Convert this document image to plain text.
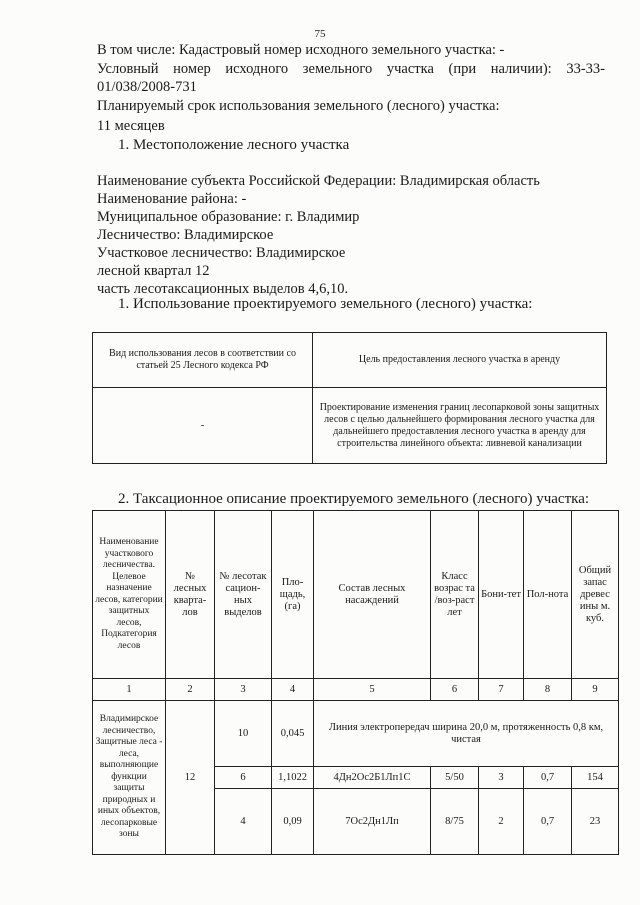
75
В том числе: Кадастровый номер исходного земельного участка: -
Условный номер исходного земельного участка (при наличии): 33-33-
01/038/2008-731
Планируемый срок использования земельного (лесного) участка:
11 месяцев
1. Местоположение лесного участка
Наименование субъекта Российской Федерации: Владимирская область
Наименование района: -
Муниципальное образование: г. Владимир
Лесничество: Владимирское
Участковое лесничество: Владимирское
лесной квартал 12
часть лесотаксационных выделов 4,6,10.
1. Использование проектируемого земельного (лесного) участка:
Вид использования лесов в соответствии со статьей 25 Лесного кодекса РФ	Цель предоставления лесного участка в аренду
-	Проектирование изменения границ лесопарковой зоны защитных лесов с целью дальнейшего формирования лесного участка для дальнейшего предоставления лесного участка в аренду для строительства линейного объекта: ливневой канализации
2. Таксационное описание проектируемого земельного (лесного) участка:
Наименование участкового лесничества. Целевое назначение лесов, категории защитных лесов, Подкатегория лесов	№ лесных кварта-лов	№ лесотак сацион-ных выделов	Пло-щадь, (га)	Состав лесных насаждений	Класс возрас та /воз-раст лет	Бони-тет	Пол-нота	Общий запас древес ины м. куб.
1	2	3	4	5	6	7	8	9
Владимирское лесничество, Защитные леса - леса, выполняющие функции защиты природных и иных объектов, лесопарковые зоны	12	10	0,045	Линия электропередач ширина 20,0 м, протяженность 0,8 км, чистая				
		6	1,1022	4Дн2Ос2Б1Лп1С	5/50	3	0,7	154
		4	0,09	7Ос2Дн1Лп	8/75	2	0,7	23
